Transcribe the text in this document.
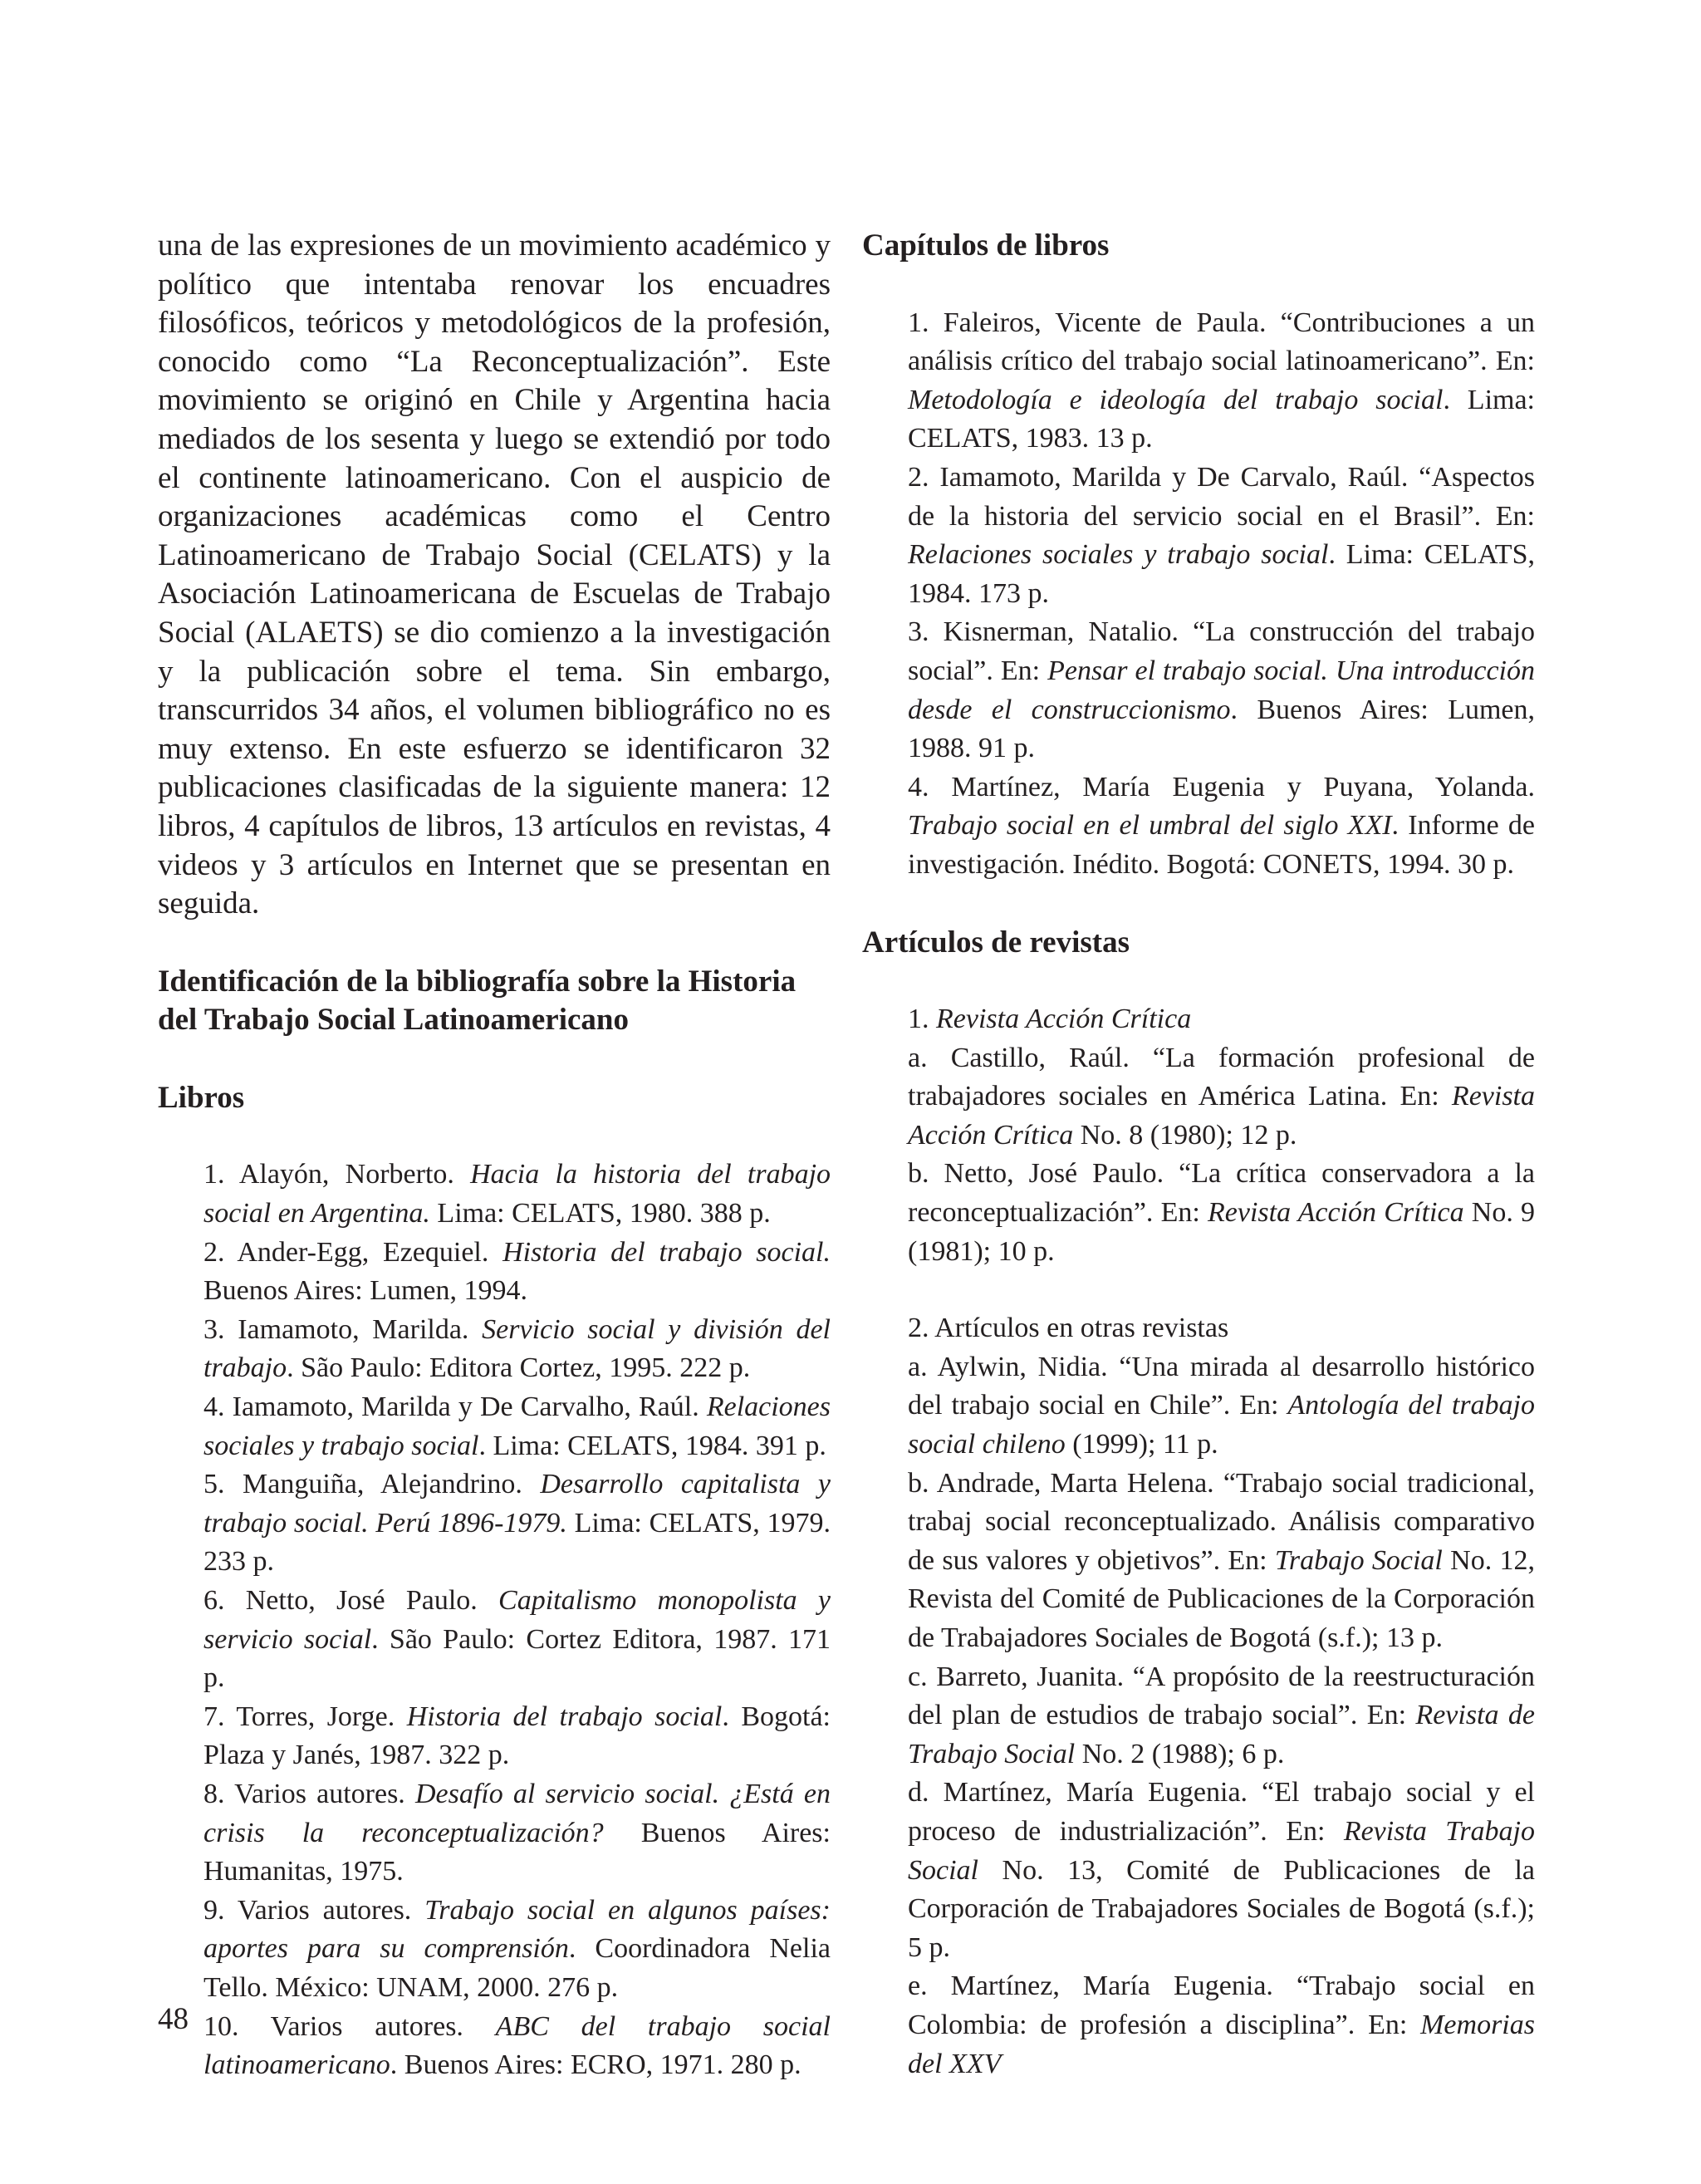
una de las expresiones de un movimiento académico y político que intentaba renovar los encuadres filosóficos, teóricos y metodológicos de la profesión, conocido como “La Reconceptualización”. Este movimiento se originó en Chile y Argentina hacia mediados de los sesenta y luego se extendió por todo el continente latinoamericano. Con el auspicio de organizaciones académicas como el Centro Latinoamericano de Trabajo Social (CELATS) y la Asociación Latinoamericana de Escuelas de Trabajo Social (ALAETS) se dio comienzo a la investigación y la publicación sobre el tema. Sin embargo, transcurridos 34 años, el volumen bibliográfico no es muy extenso. En este esfuerzo se identificaron 32 publicaciones clasificadas de la siguiente manera: 12 libros, 4 capítulos de libros, 13 artículos en revistas, 4 videos y 3 artículos en Internet que se presentan en seguida.

Identificación de la bibliografía sobre la Historia del Trabajo Social Latinoamericano

Libros

1. Alayón, Norberto. Hacia la historia del trabajo social en Argentina. Lima: CELATS, 1980. 388 p.

2. Ander-Egg, Ezequiel. Historia del trabajo social. Buenos Aires: Lumen, 1994.

3. Iamamoto, Marilda. Servicio social y división del trabajo. São Paulo: Editora Cortez, 1995. 222 p.

4. Iamamoto, Marilda y De Carvalho, Raúl. Relaciones sociales y trabajo social. Lima: CELATS, 1984. 391 p.

5. Manguiña, Alejandrino. Desarrollo capitalista y trabajo social. Perú 1896-1979. Lima: CELATS, 1979. 233 p.

6. Netto, José Paulo. Capitalismo monopolista y servicio social. São Paulo: Cortez Editora, 1987. 171 p.

7. Torres, Jorge. Historia del trabajo social. Bogotá: Plaza y Janés, 1987. 322 p.

8. Varios autores. Desafío al servicio social. ¿Está en crisis la reconceptualización? Buenos Aires: Humanitas, 1975.

9. Varios autores. Trabajo social en algunos países: aportes para su comprensión. Coordinadora Nelia Tello. México: UNAM, 2000. 276 p.

10. Varios autores. ABC del trabajo social latinoamericano. Buenos Aires: ECRO, 1971. 280 p.

Capítulos de libros

1. Faleiros, Vicente de Paula. “Contribuciones a un análisis crítico del trabajo social latinoamericano”. En: Metodología e ideología del trabajo social. Lima: CELATS, 1983. 13 p.

2. Iamamoto, Marilda y De Carvalo, Raúl. “Aspectos de la historia del servicio social en el Brasil”. En: Relaciones sociales y trabajo social. Lima: CELATS, 1984. 173 p.

3. Kisnerman, Natalio. “La construcción del trabajo social”. En: Pensar el trabajo social. Una introducción desde el construccionismo. Buenos Aires: Lumen, 1988. 91 p.

4. Martínez, María Eugenia y Puyana, Yolanda. Trabajo social en el umbral del siglo XXI. Informe de investigación. Inédito. Bogotá: CONETS, 1994. 30 p.

Artículos de revistas

1. Revista Acción Crítica

a. Castillo, Raúl. “La formación profesional de trabajadores sociales en América Latina. En: Revista Acción Crítica No. 8 (1980); 12 p.

b. Netto, José Paulo. “La crítica conservadora a la reconceptualización”. En: Revista Acción Crítica No. 9 (1981); 10 p.

2. Artículos en otras revistas

a. Aylwin, Nidia. “Una mirada al desarrollo histórico del trabajo social en Chile”. En: Antología del trabajo social chileno (1999); 11 p.

b. Andrade, Marta Helena. “Trabajo social tradicional, trabaj social reconceptualizado. Análisis comparativo de sus valores y objetivos”. En: Trabajo Social No. 12, Revista del Comité de Publicaciones de la Corporación de Trabajadores Sociales de Bogotá (s.f.); 13 p.

c. Barreto, Juanita. “A propósito de la reestructuración del plan de estudios de trabajo social”. En: Revista de Trabajo Social No. 2 (1988); 6 p.

d. Martínez, María Eugenia. “El trabajo social y el proceso de industrialización”. En: Revista Trabajo Social No. 13, Comité de Publicaciones de la Corporación de Trabajadores Sociales de Bogotá (s.f.); 5 p.

e. Martínez, María Eugenia. “Trabajo social en Colombia: de profesión a disciplina”. En: Memorias del XXV

48
